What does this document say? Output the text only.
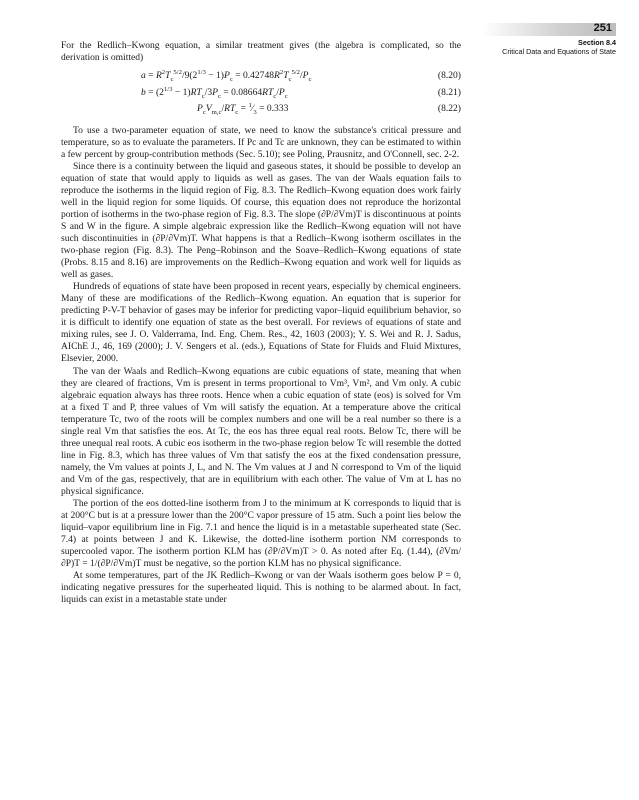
251
Section 8.4
Critical Data and Equations of State

For the Redlich–Kwong equation, a similar treatment gives (the algebra is complicated, so the derivation is omitted)

$a = R^2T_c^{5/2}/9(2^{1/3} - 1)P_c = 0.42748R^2T_c^{5/2}/P_c$	(8.20)
$b = (2^{1/3} - 1)RT_c/3P_c = 0.08664RT_c/P_c$	(8.21)
$P_cV_{m,c}/RT_c$ = $^1⁄_3 = 0.333$	(8.22)

To use a two-parameter equation of state, we need to know the substance's critical pressure and temperature, so as to evaluate the parameters. If Pc and Tc are unknown, they can be estimated to within a few percent by group-contribution methods (Sec. 5.10); see Poling, Prausnitz, and O'Connell, sec. 2-2.

Since there is a continuity between the liquid and gaseous states, it should be possible to develop an equation of state that would apply to liquids as well as gases. The van der Waals equation fails to reproduce the isotherms in the liquid region of Fig. 8.3. The Redlich–Kwong equation does work fairly well in the liquid region for some liquids. Of course, this equation does not reproduce the horizontal portion of isotherms in the two-phase region of Fig. 8.3. The slope (∂P/∂Vm)T is discontinuous at points S and W in the figure. A simple algebraic expression like the Redlich–Kwong equation will not have such discontinuities in (∂P/∂Vm)T. What happens is that a Redlich–Kwong isotherm oscillates in the two-phase region (Fig. 8.3). The Peng–Robinson and the Soave–Redlich–Kwong equations of state (Probs. 8.15 and 8.16) are improvements on the Redlich–Kwong equation and work well for liquids as well as gases.

Hundreds of equations of state have been proposed in recent years, especially by chemical engineers. Many of these are modifications of the Redlich–Kwong equation. An equation that is superior for predicting P-V-T behavior of gases may be inferior for predicting vapor–liquid equilibrium behavior, so it is difficult to identify one equation of state as the best overall. For reviews of equations of state and mixing rules, see J. O. Valderrama, Ind. Eng. Chem. Res., 42, 1603 (2003); Y. S. Wei and R. J. Sadus, AIChE J., 46, 169 (2000); J. V. Sengers et al. (eds.), Equations of State for Fluids and Fluid Mixtures, Elsevier, 2000.

The van der Waals and Redlich–Kwong equations are cubic equations of state, meaning that when they are cleared of fractions, Vm is present in terms proportional to Vm³, Vm², and Vm only. A cubic algebraic equation always has three roots. Hence when a cubic equation of state (eos) is solved for Vm at a fixed T and P, three values of Vm will satisfy the equation. At a temperature above the critical temperature Tc, two of the roots will be complex numbers and one will be a real number so there is a single real Vm that satisfies the eos. At Tc, the eos has three equal real roots. Below Tc, there will be three unequal real roots. A cubic eos isotherm in the two-phase region below Tc will resemble the dotted line in Fig. 8.3, which has three values of Vm that satisfy the eos at the fixed condensation pressure, namely, the Vm values at points J, L, and N. The Vm values at J and N correspond to Vm of the liquid and Vm of the gas, respectively, that are in equilibrium with each other. The value of Vm at L has no physical significance.

The portion of the eos dotted-line isotherm from J to the minimum at K corresponds to liquid that is at 200°C but is at a pressure lower than the 200°C vapor pressure of 15 atm. Such a point lies below the liquid–vapor equilibrium line in Fig. 7.1 and hence the liquid is in a metastable superheated state (Sec. 7.4) at points between J and K. Likewise, the dotted-line isotherm portion NM corresponds to supercooled vapor. The isotherm portion KLM has (∂P/∂Vm)T > 0. As noted after Eq. (1.44), (∂Vm/∂P)T = 1/(∂P/∂Vm)T must be negative, so the portion KLM has no physical significance.

At some temperatures, part of the JK Redlich–Kwong or van der Waals isotherm goes below P = 0, indicating negative pressures for the superheated liquid. This is nothing to be alarmed about. In fact, liquids can exist in a metastable state under
